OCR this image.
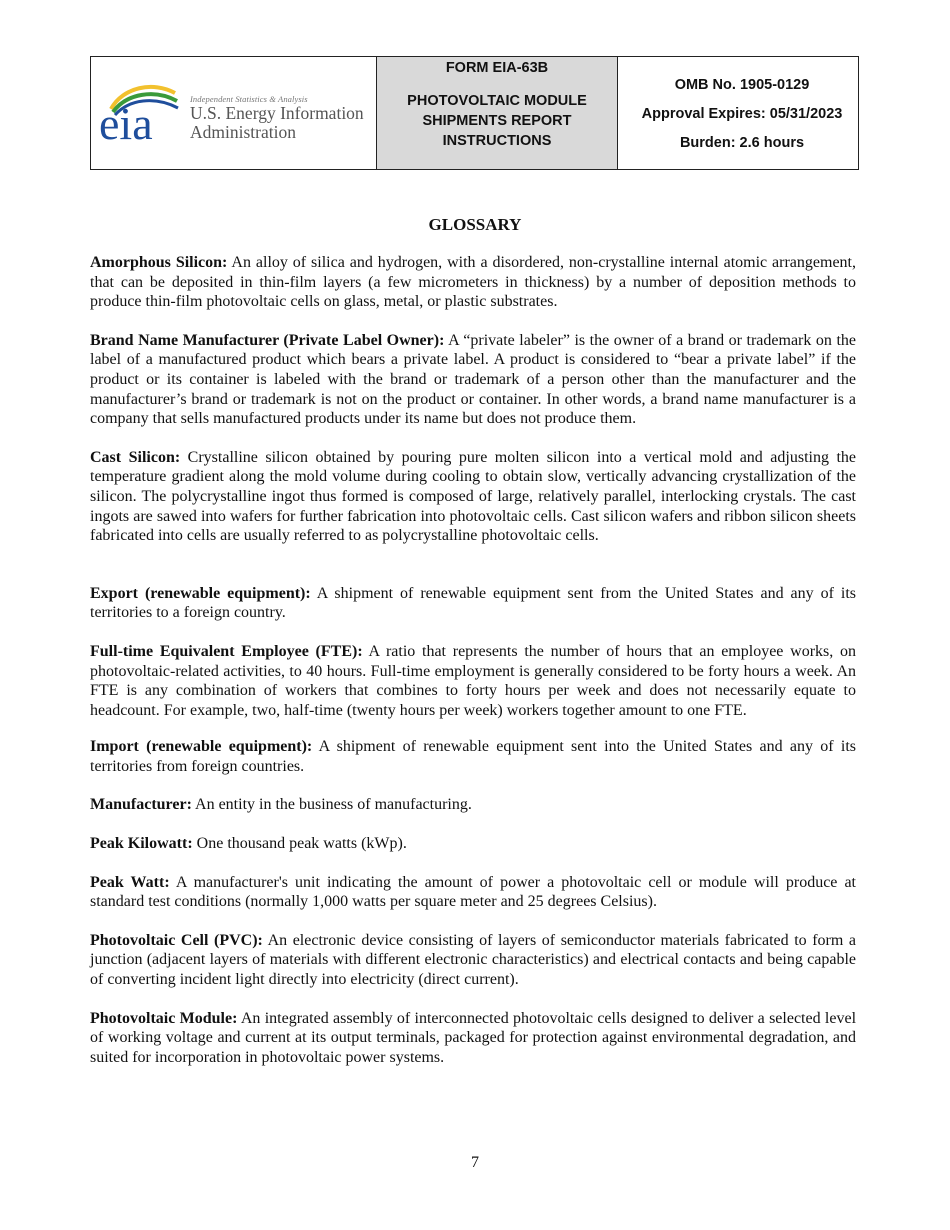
eia	Independent Statistics & Analysis
U.S. Energy Information
Administration
FORM EIA-63B
PHOTOVOLTAIC MODULE
SHIPMENTS REPORT
INSTRUCTIONS
OMB No. 1905-0129
Approval Expires: 05/31/2023
Burden: 2.6 hours
GLOSSARY

Amorphous Silicon: An alloy of silica and hydrogen, with a disordered, non-crystalline internal atomic arrangement, that can be deposited in thin-film layers (a few micrometers in thickness) by a number of deposition methods to produce thin-film photovoltaic cells on glass, metal, or plastic substrates.

Brand Name Manufacturer (Private Label Owner): A “private labeler” is the owner of a brand or trademark on the label of a manufactured product which bears a private label. A product is considered to “bear a private label” if the product or its container is labeled with the brand or trademark of a person other than the manufacturer and the manufacturer’s brand or trademark is not on the product or container. In other words, a brand name manufacturer is a company that sells manufactured products under its name but does not produce them.

Cast Silicon: Crystalline silicon obtained by pouring pure molten silicon into a vertical mold and adjusting the temperature gradient along the mold volume during cooling to obtain slow, vertically advancing crystallization of the silicon. The polycrystalline ingot thus formed is composed of large, relatively parallel, interlocking crystals. The cast ingots are sawed into wafers for further fabrication into photovoltaic cells. Cast silicon wafers and ribbon silicon sheets fabricated into cells are usually referred to as polycrystalline photovoltaic cells.

Export (renewable equipment): A shipment of renewable equipment sent from the United States and any of its territories to a foreign country.

Full-time Equivalent Employee (FTE): A ratio that represents the number of hours that an employee works, on photovoltaic-related activities, to 40 hours. Full-time employment is generally considered to be forty hours a week. An FTE is any combination of workers that combines to forty hours per week and does not necessarily equate to headcount. For example, two, half-time (twenty hours per week) workers together amount to one FTE.

Import (renewable equipment): A shipment of renewable equipment sent into the United States and any of its territories from foreign countries.

Manufacturer: An entity in the business of manufacturing.

Peak Kilowatt: One thousand peak watts (kWp).

Peak Watt: A manufacturer's unit indicating the amount of power a photovoltaic cell or module will produce at standard test conditions (normally 1,000 watts per square meter and 25 degrees Celsius).

Photovoltaic Cell (PVC): An electronic device consisting of layers of semiconductor materials fabricated to form a junction (adjacent layers of materials with different electronic characteristics) and electrical contacts and being capable of converting incident light directly into electricity (direct current).

Photovoltaic Module: An integrated assembly of interconnected photovoltaic cells designed to deliver a selected level of working voltage and current at its output terminals, packaged for protection against environmental degradation, and suited for incorporation in photovoltaic power systems.

7
